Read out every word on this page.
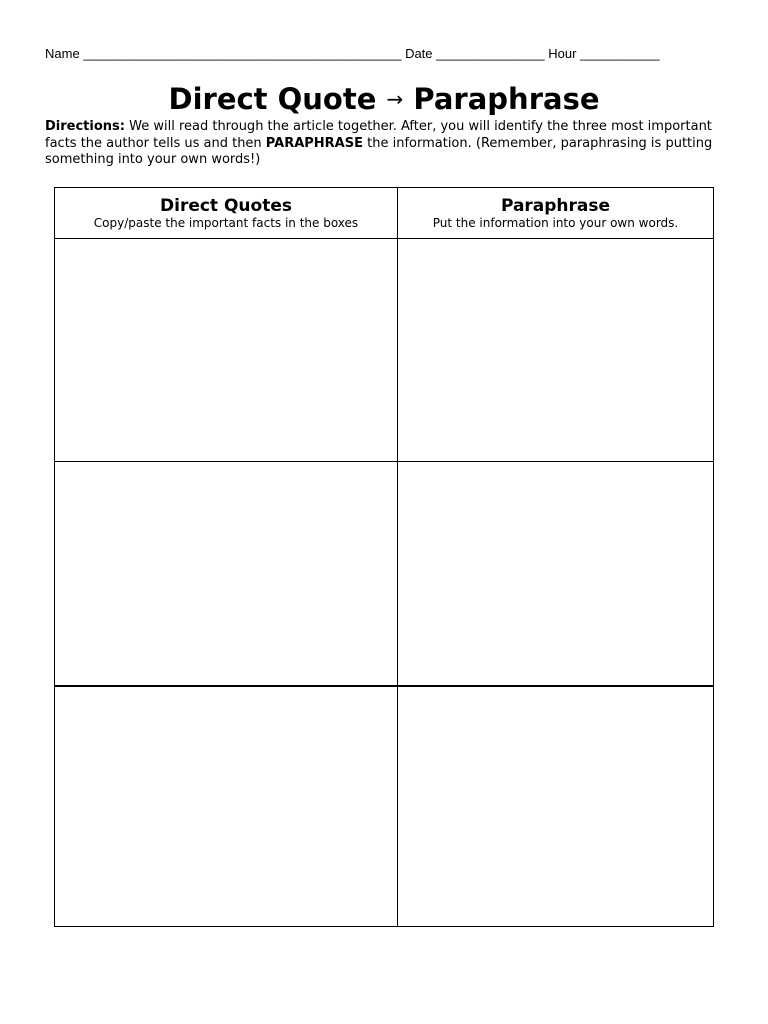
Name ____________________________________________ Date _______________ Hour ___________
Direct Quote → Paraphrase
Directions: We will read through the article together. After, you will identify the three most important facts the author tells us and then PARAPHRASE the information. (Remember, paraphrasing is putting something into your own words!)
Direct Quotes
Copy/paste the important facts in the boxes
Paraphrase
Put the information into your own words.
